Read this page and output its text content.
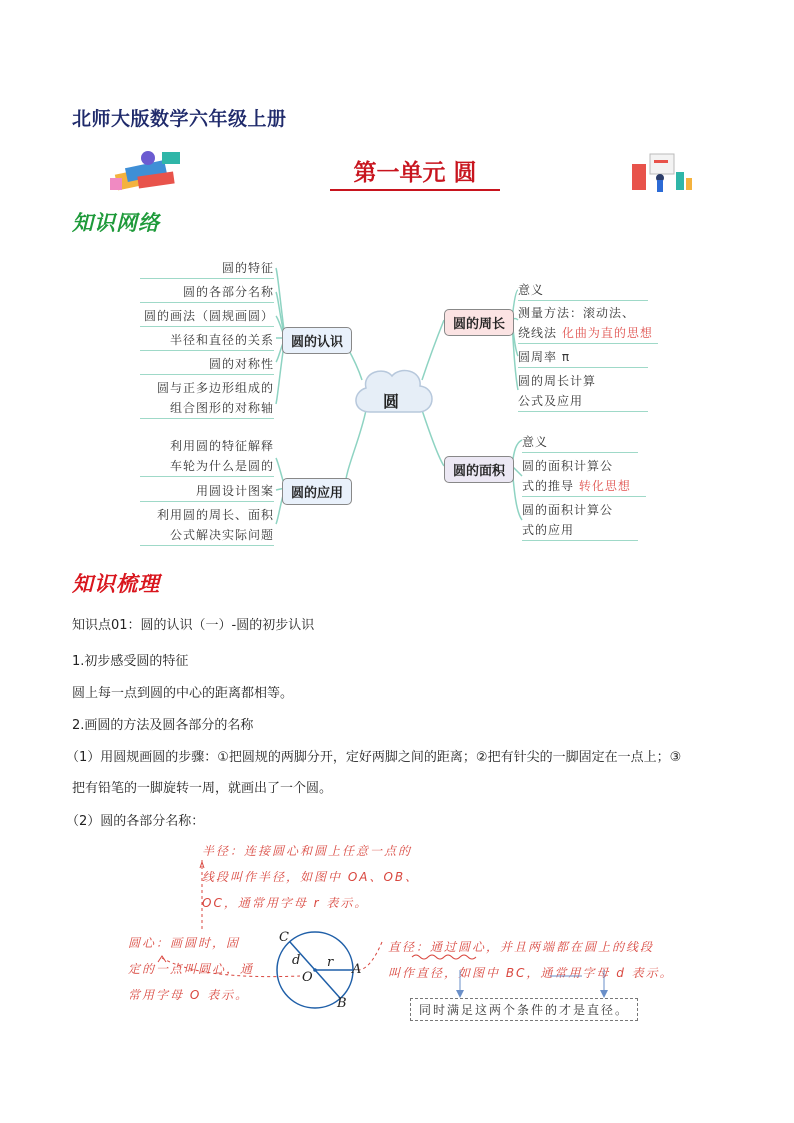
北师大版数学六年级上册
第一单元 圆
知识网络
圆
圆的认识
圆的特征
圆的各部分名称
圆的画法（圆规画圆）
半径和直径的关系
圆的对称性
圆与正多边形组成的
组合图形的对称轴
圆的应用
利用圆的特征解释
车轮为什么是圆的
用圆设计图案
利用圆的周长、面积
公式解决实际问题
圆的周长
意义
测量方法：滚动法、
绕线法 化曲为直的思想
圆周率 π
圆的周长计算
公式及应用
圆的面积
意义
圆的面积计算公
式的推导 转化思想
圆的面积计算公
式的应用
知识梳理
知识点01：圆的认识（一）-圆的初步认识
1.初步感受圆的特征
圆上每一点到圆的中心的距离都相等。
2.画圆的方法及圆各部分的名称
（1）用圆规画圆的步骤：①把圆规的两脚分开，定好两脚之间的距离；②把有针尖的一脚固定在一点上；③
把有铅笔的一脚旋转一周，就画出了一个圆。
（2）圆的各部分名称：
半径：连接圆心和圆上任意一点的
线段叫作半径，如图中 OA、OB、
OC，通常用字母 r 表示。
圆心：画圆时，固
定的一点叫圆心，通
常用字母 O 表示。
直径：通过圆心，并且两端都在圆上的线段
叫作直径，如图中 BC，通常用字母 d 表示。
同时满足这两个条件的才是直径。
C
A
B
O
d r
